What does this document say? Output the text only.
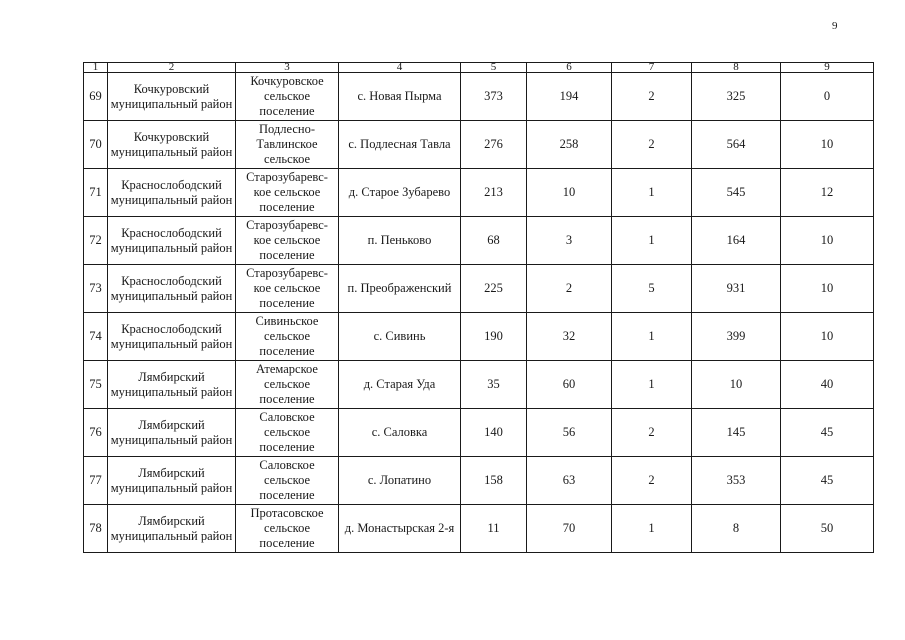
9
1	2	3	4	5	6	7	8	9
69	Кочкуровский муниципальный район	Кочкуровское сельское поселение	с. Новая Пырма	373	194	2	325	0
70	Кочкуровский муниципальный район	Подлесно-Тавлинское сельское	с. Подлесная Тавла	276	258	2	564	10
71	Краснослободский муниципальный район	Старозубаревс-кое сельское поселение	д. Старое Зубарево	213	10	1	545	12
72	Краснослободский муниципальный район	Старозубаревс-кое сельское поселение	п. Пеньково	68	3	1	164	10
73	Краснослободский муниципальный район	Старозубаревс-кое сельское поселение	п. Преображенский	225	2	5	931	10
74	Краснослободский муниципальный район	Сивиньское сельское поселение	с. Сивинь	190	32	1	399	10
75	Лямбирский муниципальный район	Атемарское сельское поселение	д. Старая Уда	35	60	1	10	40
76	Лямбирский муниципальный район	Саловское сельское поселение	с. Саловка	140	56	2	145	45
77	Лямбирский муниципальный район	Саловское сельское поселение	с. Лопатино	158	63	2	353	45
78	Лямбирский муниципальный район	Протасовское сельское поселение	д. Монастырская 2-я	11	70	1	8	50
